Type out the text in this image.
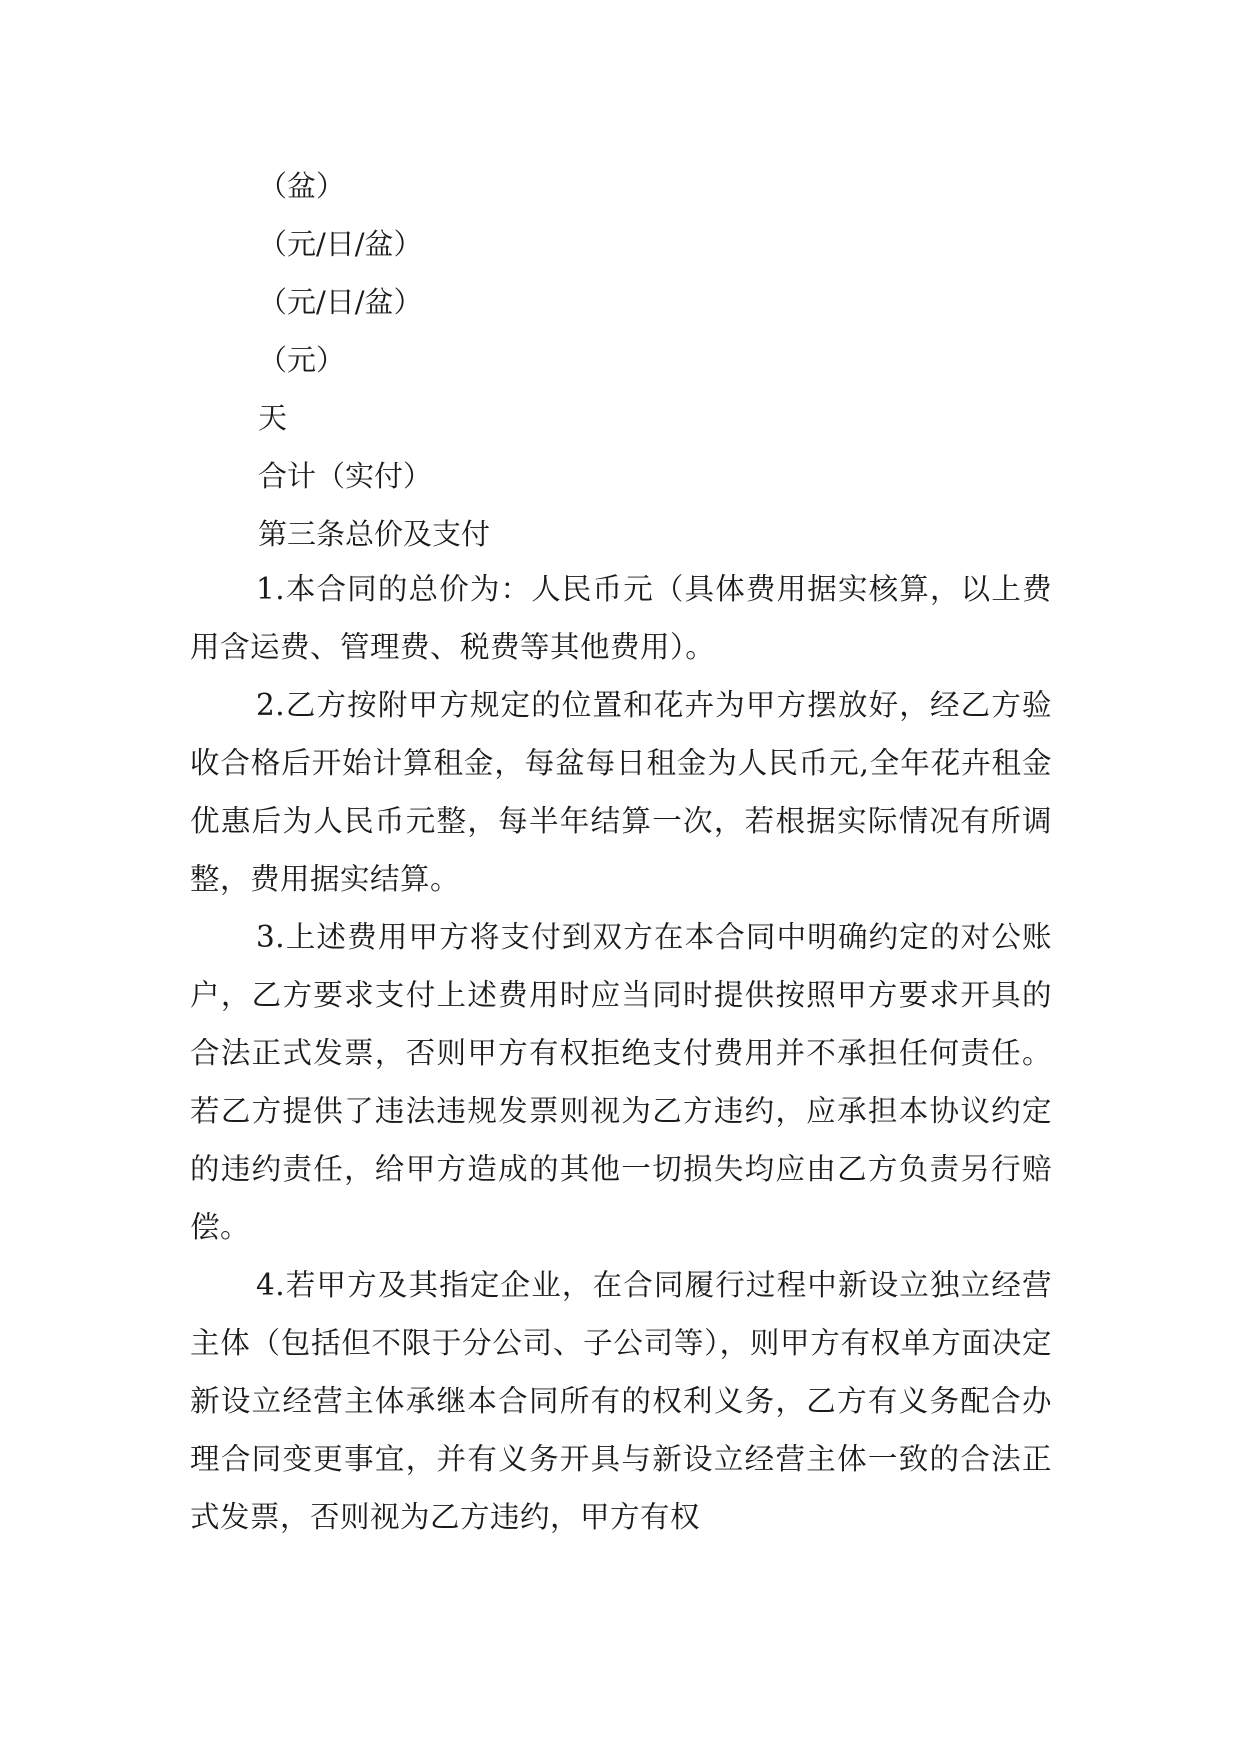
（盆）
（元/日/盆）
（元/日/盆）
（元）
天
合计（实付）
第三条总价及支付

1.本合同的总价为：人民币元（具体费用据实核算，以上费用含运费、管理费、税费等其他费用）。

2.乙方按附甲方规定的位置和花卉为甲方摆放好，经乙方验收合格后开始计算租金，每盆每日租金为人民币元,全年花卉租金优惠后为人民币元整，每半年结算一次，若根据实际情况有所调整，费用据实结算。

3.上述费用甲方将支付到双方在本合同中明确约定的对公账户，乙方要求支付上述费用时应当同时提供按照甲方要求开具的合法正式发票，否则甲方有权拒绝支付费用并不承担任何责任。若乙方提供了违法违规发票则视为乙方违约，应承担本协议约定的违约责任，给甲方造成的其他一切损失均应由乙方负责另行赔偿。

4.若甲方及其指定企业，在合同履行过程中新设立独立经营主体（包括但不限于分公司、子公司等），则甲方有权单方面决定新设立经营主体承继本合同所有的权利义务，乙方有义务配合办理合同变更事宜，并有义务开具与新设立经营主体一致的合法正式发票，否则视为乙方违约，甲方有权
